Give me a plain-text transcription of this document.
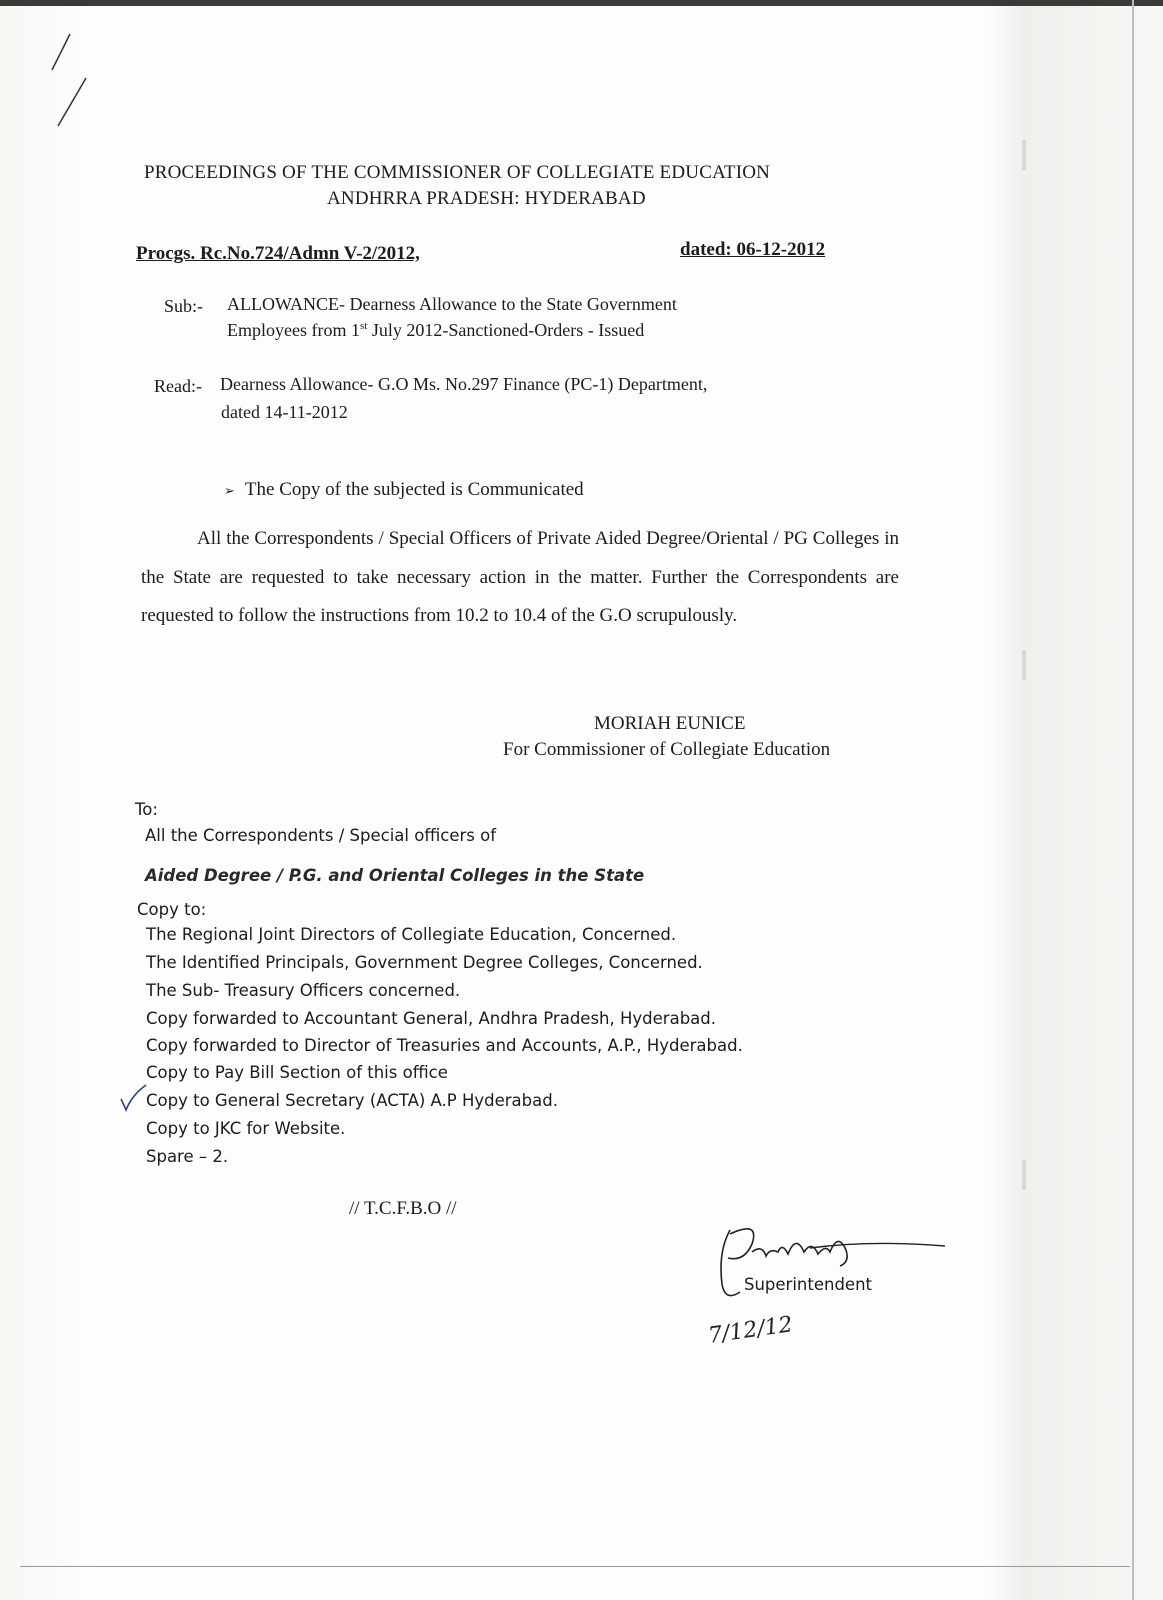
PROCEEDINGS OF THE COMMISSIONER OF COLLEGIATE EDUCATION
ANDHRRA PRADESH: HYDERABAD
Procgs. Rc.No.724/Admn V-2/2012,	dated: 06-12-2012
Sub:- ALLOWANCE- Dearness Allowance to the State Government
Employees from 1st July 2012-Sanctioned-Orders - Issued
Read:- Dearness Allowance- G.O Ms. No.297 Finance (PC-1) Department,
dated 14-11-2012
➢ The Copy of the subjected is Communicated
All the Correspondents / Special Officers of Private Aided Degree/Oriental / PG Colleges in the State are requested to take necessary action in the matter. Further the Correspondents are requested to follow the instructions from 10.2 to 10.4 of the G.O scrupulously.
MORIAH EUNICE
For Commissioner of Collegiate Education
To:
All the Correspondents / Special officers of
Aided Degree / P.G. and Oriental Colleges in the State
Copy to:
The Regional Joint Directors of Collegiate Education, Concerned.
The Identified Principals, Government Degree Colleges, Concerned.
The Sub- Treasury Officers concerned.
Copy forwarded to Accountant General, Andhra Pradesh, Hyderabad.
Copy forwarded to Director of Treasuries and Accounts, A.P., Hyderabad.
Copy to Pay Bill Section of this office
Copy to General Secretary (ACTA) A.P Hyderabad.
Copy to JKC for Website.
Spare – 2.
// T.C.F.B.O //
Superintendent
7/12/12
